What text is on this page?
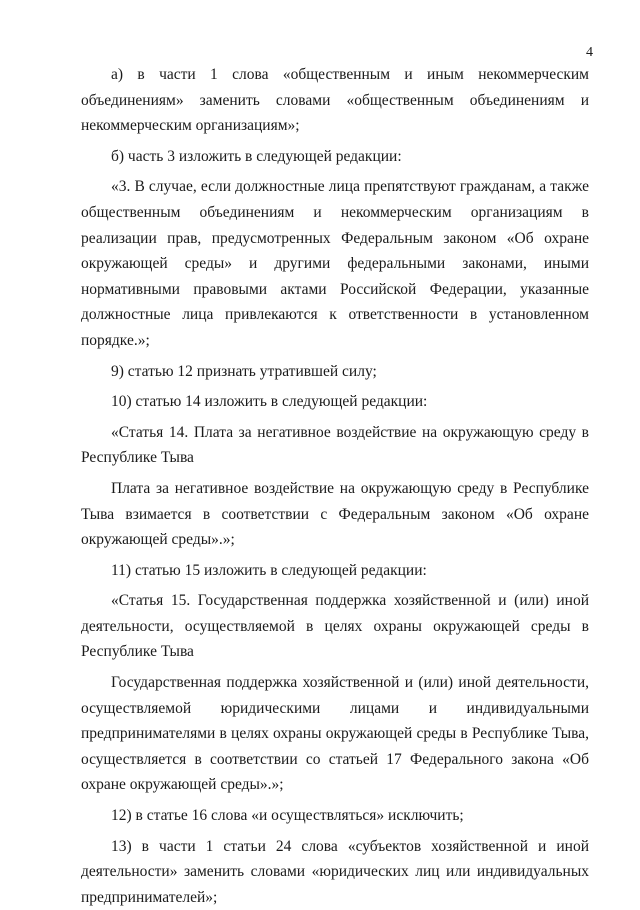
4

а) в части 1 слова «общественным и иным некоммерческим объединениям» заменить словами «общественным объединениям и некоммерческим организациям»;

б) часть 3 изложить в следующей редакции:

«3. В случае, если должностные лица препятствуют гражданам, а также общественным объединениям и некоммерческим организациям в реализации прав, предусмотренных Федеральным законом «Об охране окружающей среды» и другими федеральными законами, иными нормативными правовыми актами Российской Федерации, указанные должностные лица привлекаются к ответственности в установленном порядке.»;

9) статью 12 признать утратившей силу;

10) статью 14 изложить в следующей редакции:

«Статья 14. Плата за негативное воздействие на окружающую среду в Республике Тыва

Плата за негативное воздействие на окружающую среду в Республике Тыва взимается в соответствии с Федеральным законом «Об охране окружающей среды».»;

11) статью 15 изложить в следующей редакции:

«Статья 15. Государственная поддержка хозяйственной и (или) иной деятельности, осуществляемой в целях охраны окружающей среды в Республике Тыва

Государственная поддержка хозяйственной и (или) иной деятельности, осуществляемой юридическими лицами и индивидуальными предпринимателями в целях охраны окружающей среды в Республике Тыва, осуществляется в соответствии со статьей 17 Федерального закона «Об охране окружающей среды».»;

12) в статье 16 слова «и осуществляться» исключить;

13) в части 1 статьи 24 слова «субъектов хозяйственной и иной деятельности» заменить словами «юридических лиц или индивидуальных предпринимателей»;
